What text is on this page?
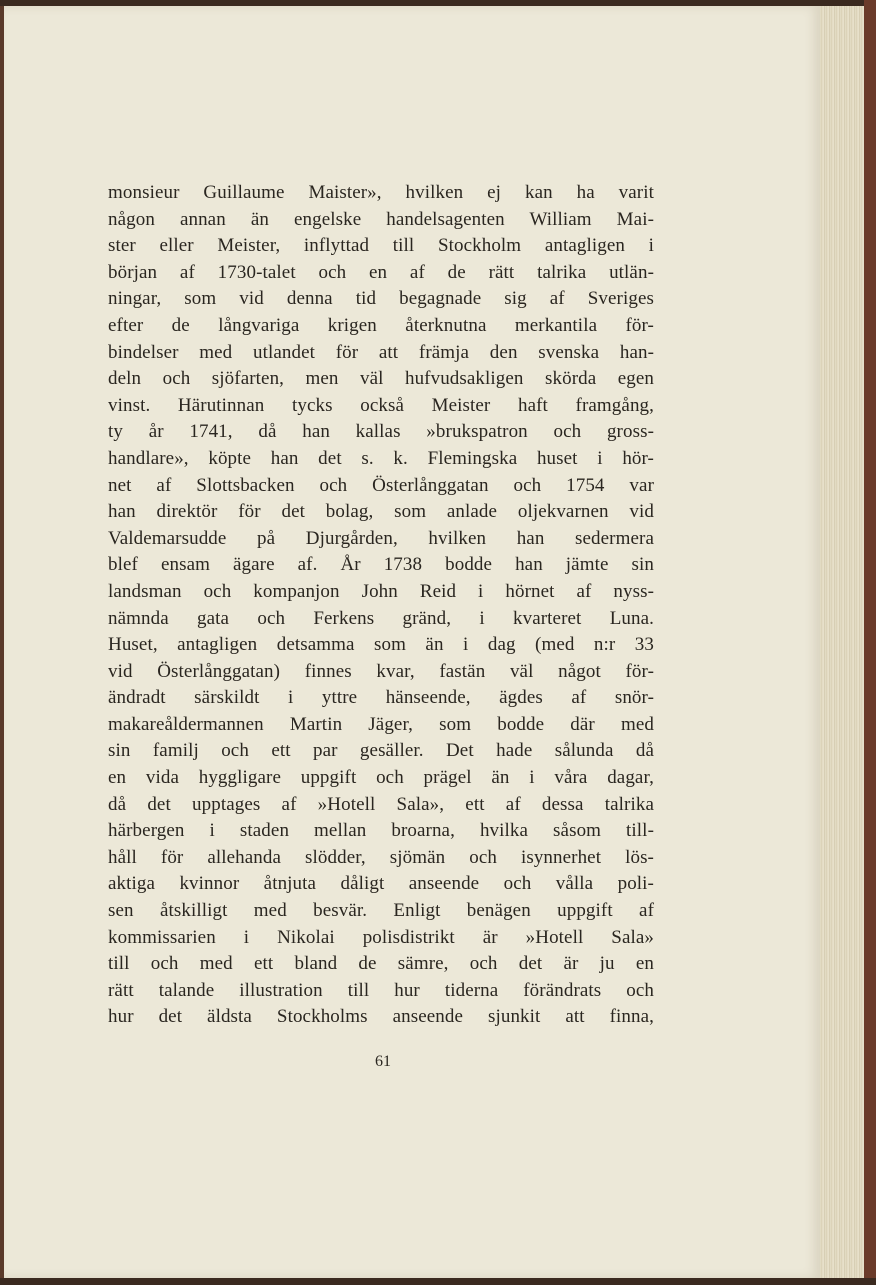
monsieur Guillaume Maister», hvilken ej kan ha varit
någon annan än engelske handelsagenten William Mai-
ster eller Meister, inflyttad till Stockholm antagligen i
början af 1730-talet och en af de rätt talrika utlän-
ningar, som vid denna tid begagnade sig af Sveriges
efter de långvariga krigen återknutna merkantila för-
bindelser med utlandet för att främja den svenska han-
deln och sjöfarten, men väl hufvudsakligen skörda egen
vinst. Härutinnan tycks också Meister haft framgång,
ty år 1741, då han kallas »brukspatron och gross-
handlare», köpte han det s. k. Flemingska huset i hör-
net af Slottsbacken och Österlånggatan och 1754 var
han direktör för det bolag, som anlade oljekvarnen vid
Valdemarsudde på Djurgården, hvilken han sedermera
blef ensam ägare af. År 1738 bodde han jämte sin
landsman och kompanjon John Reid i hörnet af nyss-
nämnda gata och Ferkens gränd, i kvarteret Luna.
Huset, antagligen detsamma som än i dag (med n:r 33
vid Österlånggatan) finnes kvar, fastän väl något för-
ändradt särskildt i yttre hänseende, ägdes af snör-
makareåldermannen Martin Jäger, som bodde där med
sin familj och ett par gesäller. Det hade sålunda då
en vida hyggligare uppgift och prägel än i våra dagar,
då det upptages af »Hotell Sala», ett af dessa talrika
härbergen i staden mellan broarna, hvilka såsom till-
håll för allehanda slödder, sjömän och isynnerhet lös-
aktiga kvinnor åtnjuta dåligt anseende och vålla poli-
sen åtskilligt med besvär. Enligt benägen uppgift af
kommissarien i Nikolai polisdistrikt är »Hotell Sala»
till och med ett bland de sämre, och det är ju en
rätt talande illustration till hur tiderna förändrats och
hur det äldsta Stockholms anseende sjunkit att finna,
61
